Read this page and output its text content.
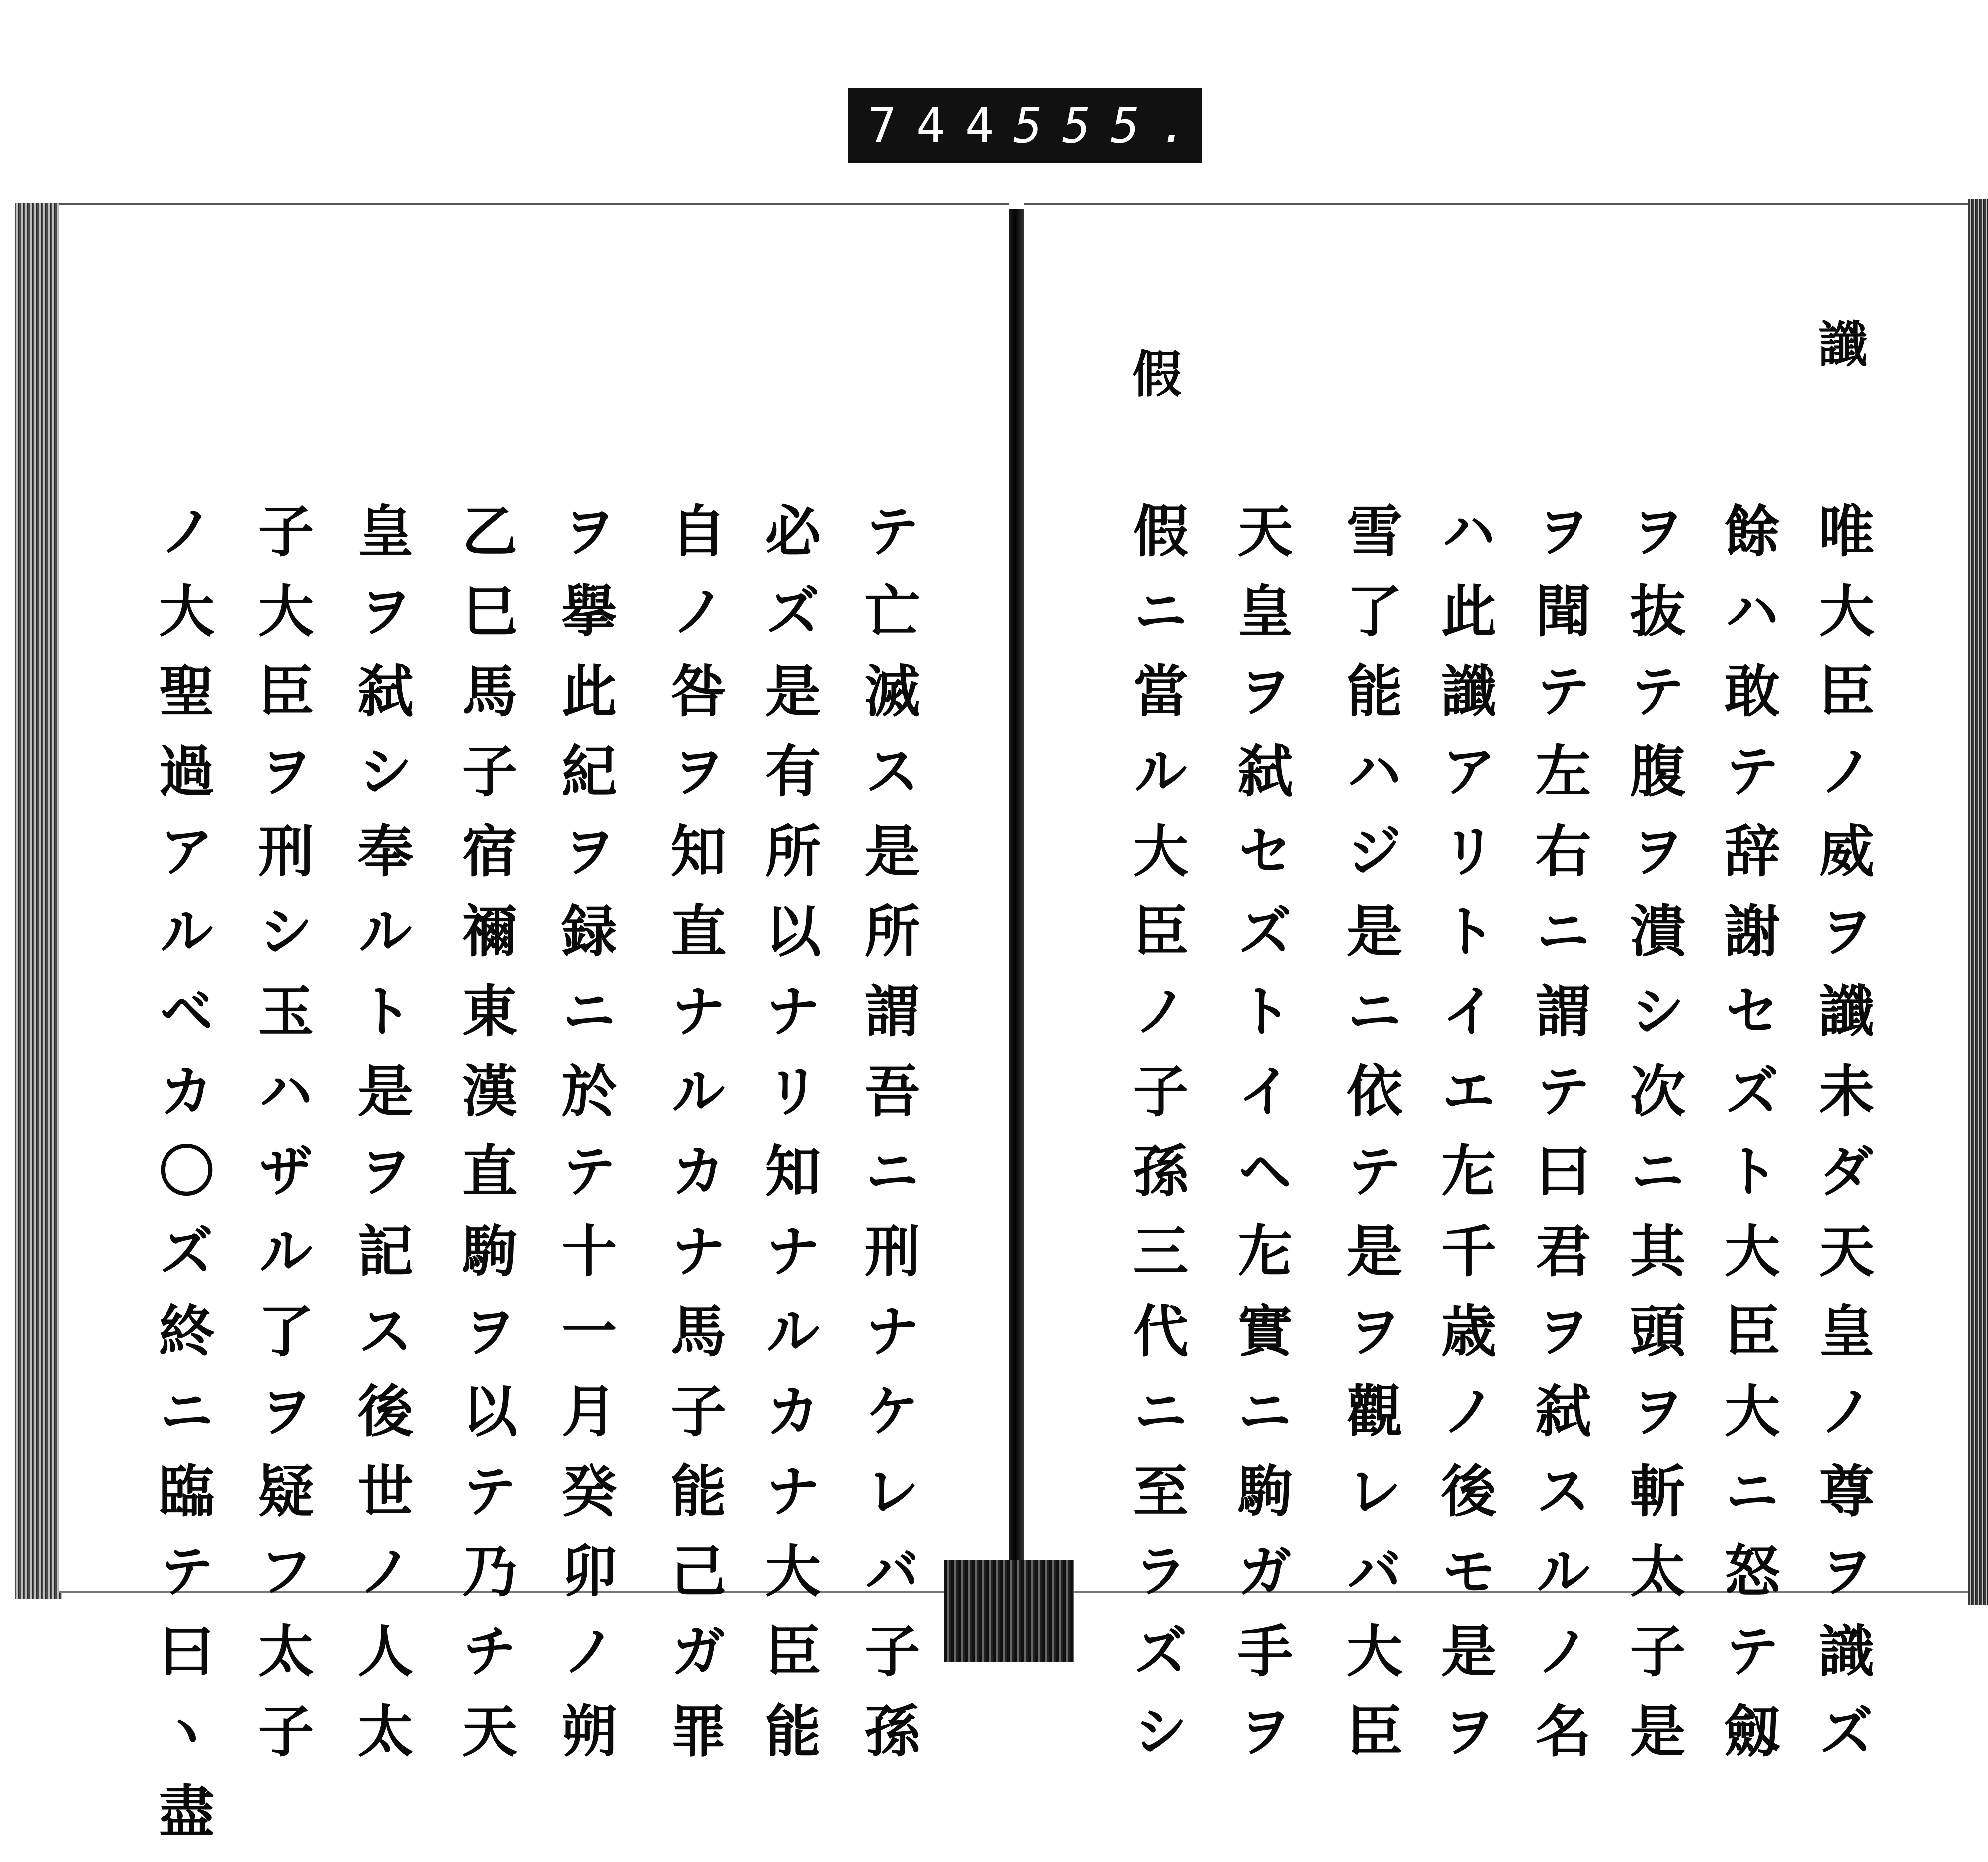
744 555.
讖
假
唯大臣ノ威ヲ讖未ダ天皇ノ尊ヲ識ズ
餘ハ敢テ辞謝セズト大臣大ニ怒テ劔
ヲ抜テ腹ヲ潰シ次ニ其頭ヲ斬太子是
ヲ聞テ左右ニ謂テ曰君ヲ弑スルノ名
ハ此讖アリトイエ㔫千歳ノ後モ是ヲ
雪了能ハジ是ニ依テ是ヲ觀レバ大臣
天皇ヲ弑セズトイヘ㔫實ニ駒ガ手ヲ
假ニ當ル大臣ノ子孫三代ニ至ラズシ
テ亡滅ス是所謂吾ニ刑ナケレバ子孫
必ズ是有所以ナリ知ナルカナ大臣能
自ノ咎ヲ知直ナルカナ馬子能己ガ罪
ヲ擧此紀ヲ録ニ於テ十一月癸卯ノ朔
乙巳馬子宿禰東漢直駒ヲ以テ乃チ天
皇ヲ弑シ奉ルト是ヲ記ス後世ノ人太
子大臣ヲ刑シ玉ハザル了ヲ疑フ太子
ノ大聖過アルベカ〇ズ終ニ臨テ曰ヽ盡
